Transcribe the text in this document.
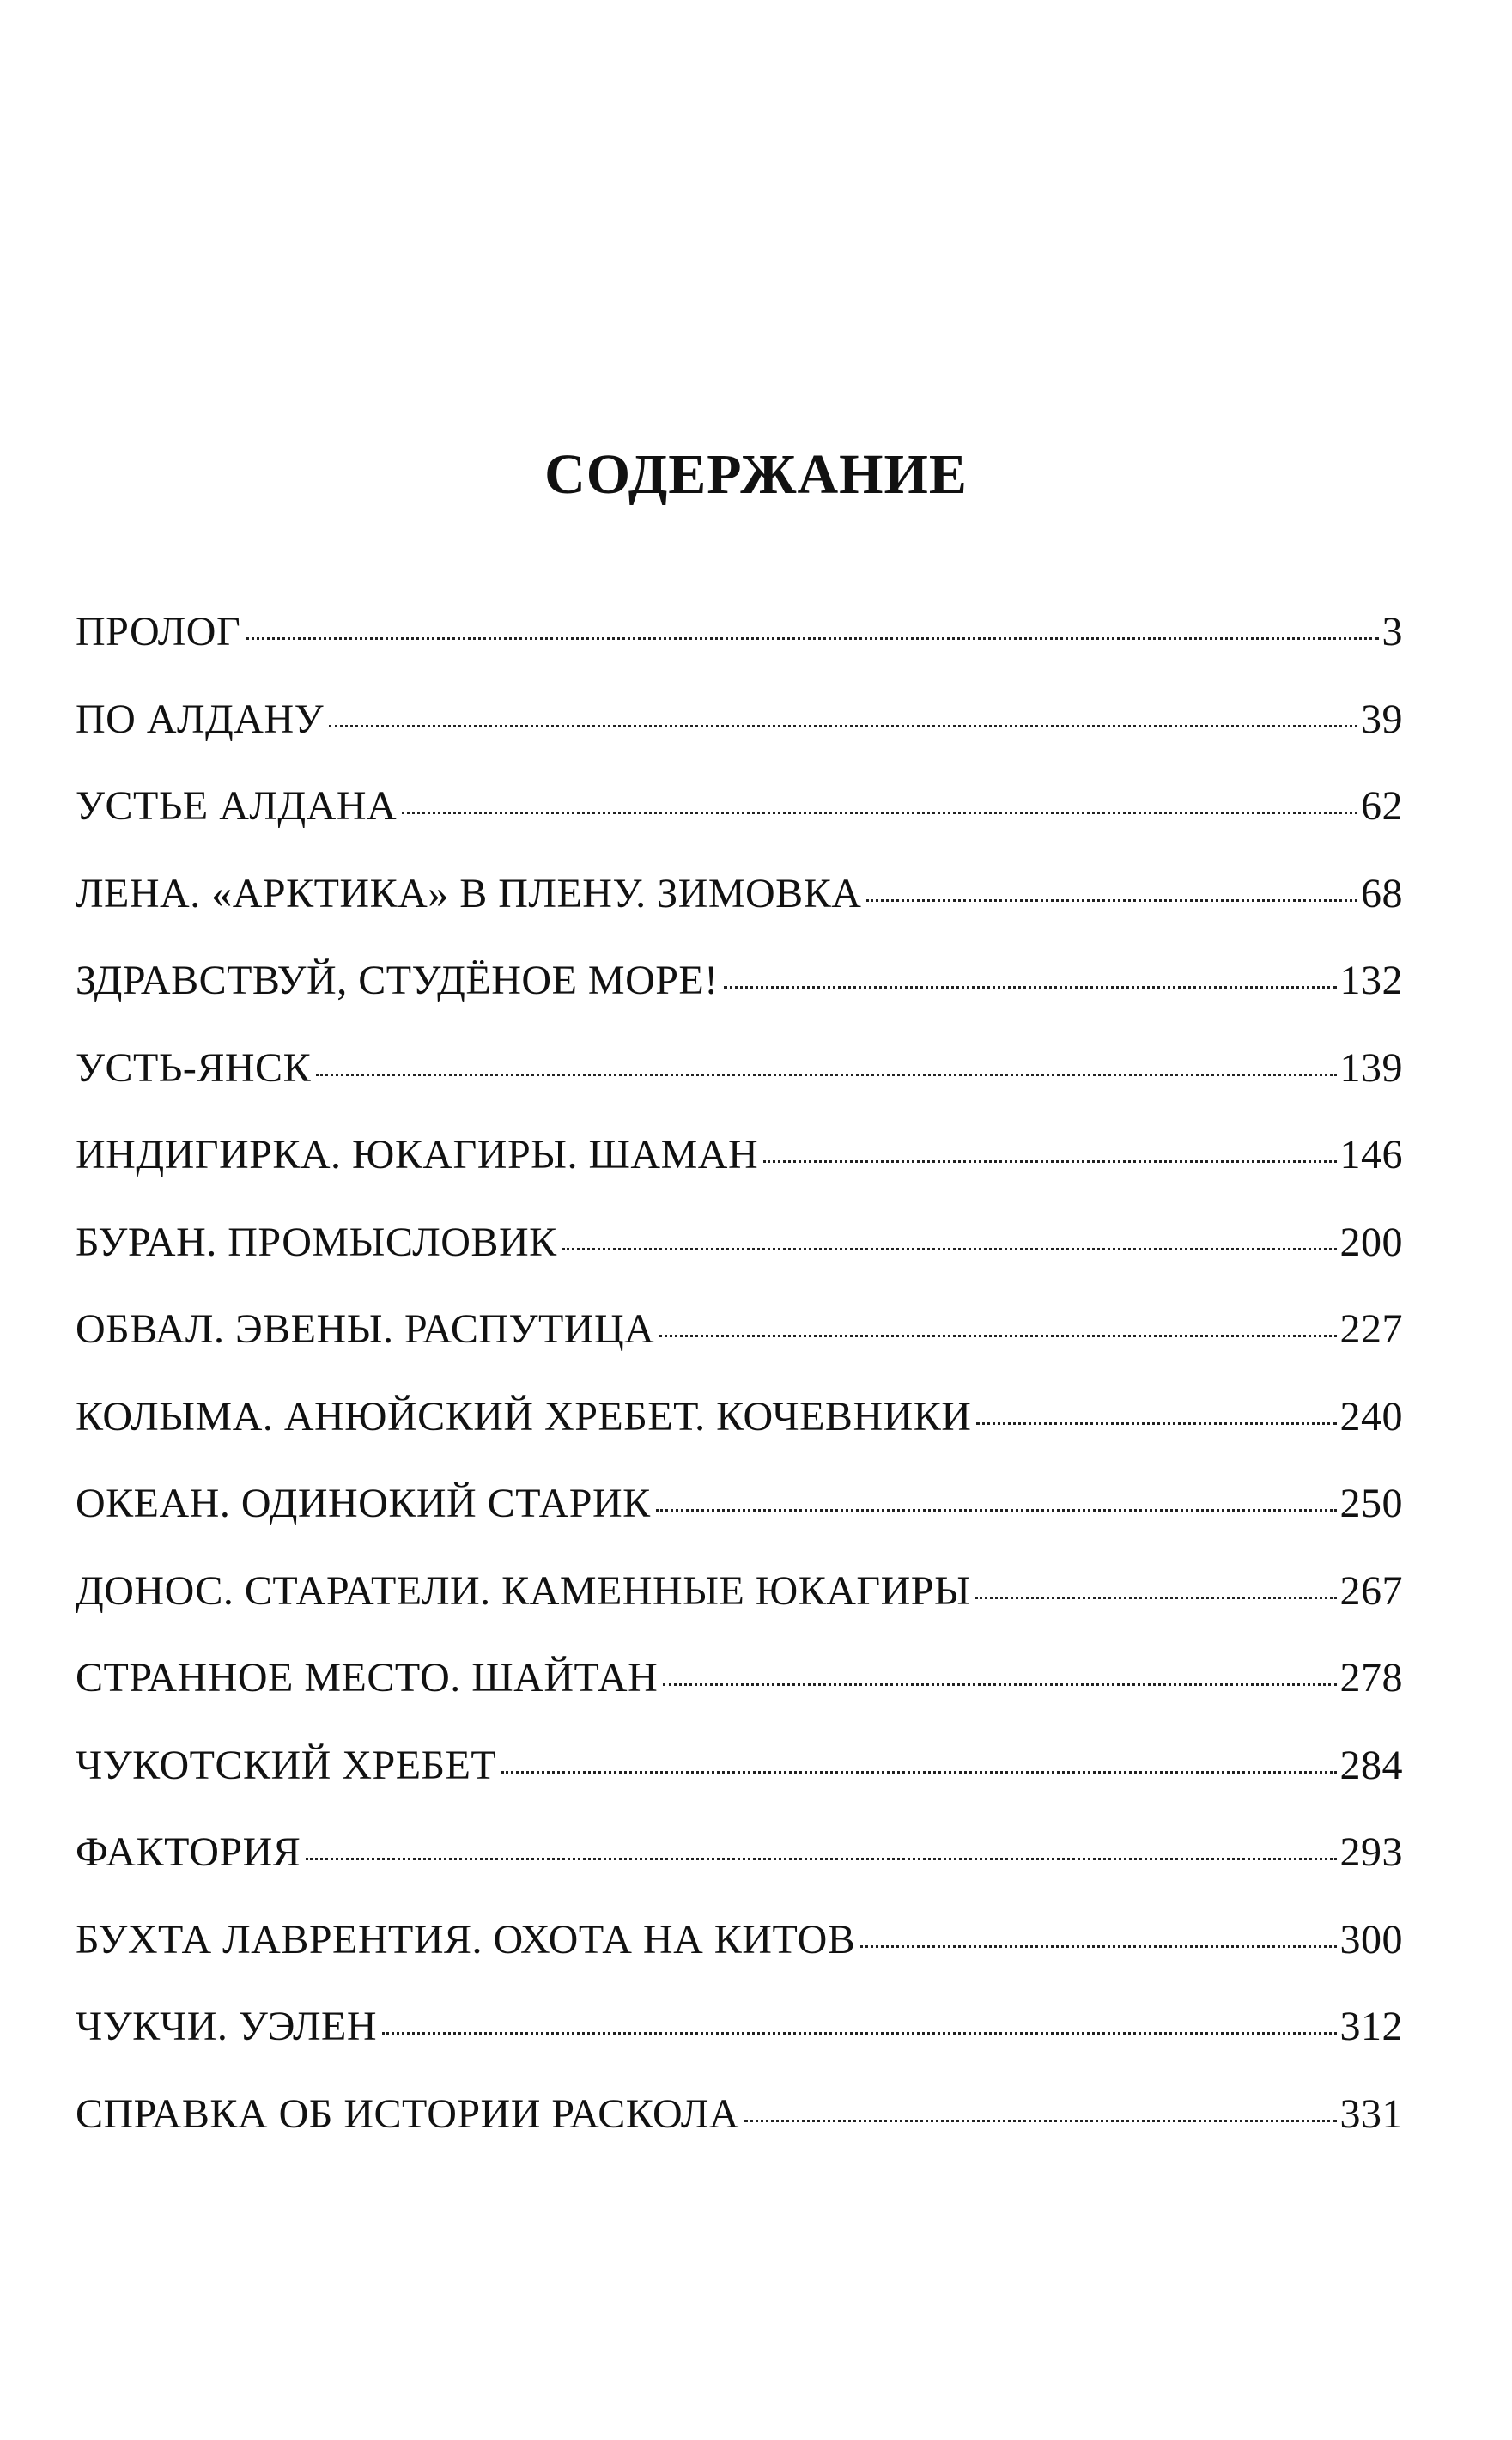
СОДЕРЖАНИЕ
ПРОЛОГ	3
ПО АЛДАНУ	39
УСТЬЕ АЛДАНА	62
ЛЕНА. «АРКТИКА» В ПЛЕНУ. ЗИМОВКА	68
ЗДРАВСТВУЙ, СТУДЁНОЕ МОРЕ!	132
УСТЬ-ЯНСК	139
ИНДИГИРКА. ЮКАГИРЫ. ШАМАН	146
БУРАН. ПРОМЫСЛОВИК	200
ОБВАЛ. ЭВЕНЫ. РАСПУТИЦА	227
КОЛЫМА. АНЮЙСКИЙ ХРЕБЕТ. КОЧЕВНИКИ	240
ОКЕАН. ОДИНОКИЙ СТАРИК	250
ДОНОС. СТАРАТЕЛИ. КАМЕННЫЕ ЮКАГИРЫ	267
СТРАННОЕ МЕСТО. ШАЙТАН	278
ЧУКОТСКИЙ ХРЕБЕТ	284
ФАКТОРИЯ	293
БУХТА ЛАВРЕНТИЯ. ОХОТА НА КИТОВ	300
ЧУКЧИ. УЭЛЕН	312
СПРАВКА ОБ ИСТОРИИ РАСКОЛА	331
